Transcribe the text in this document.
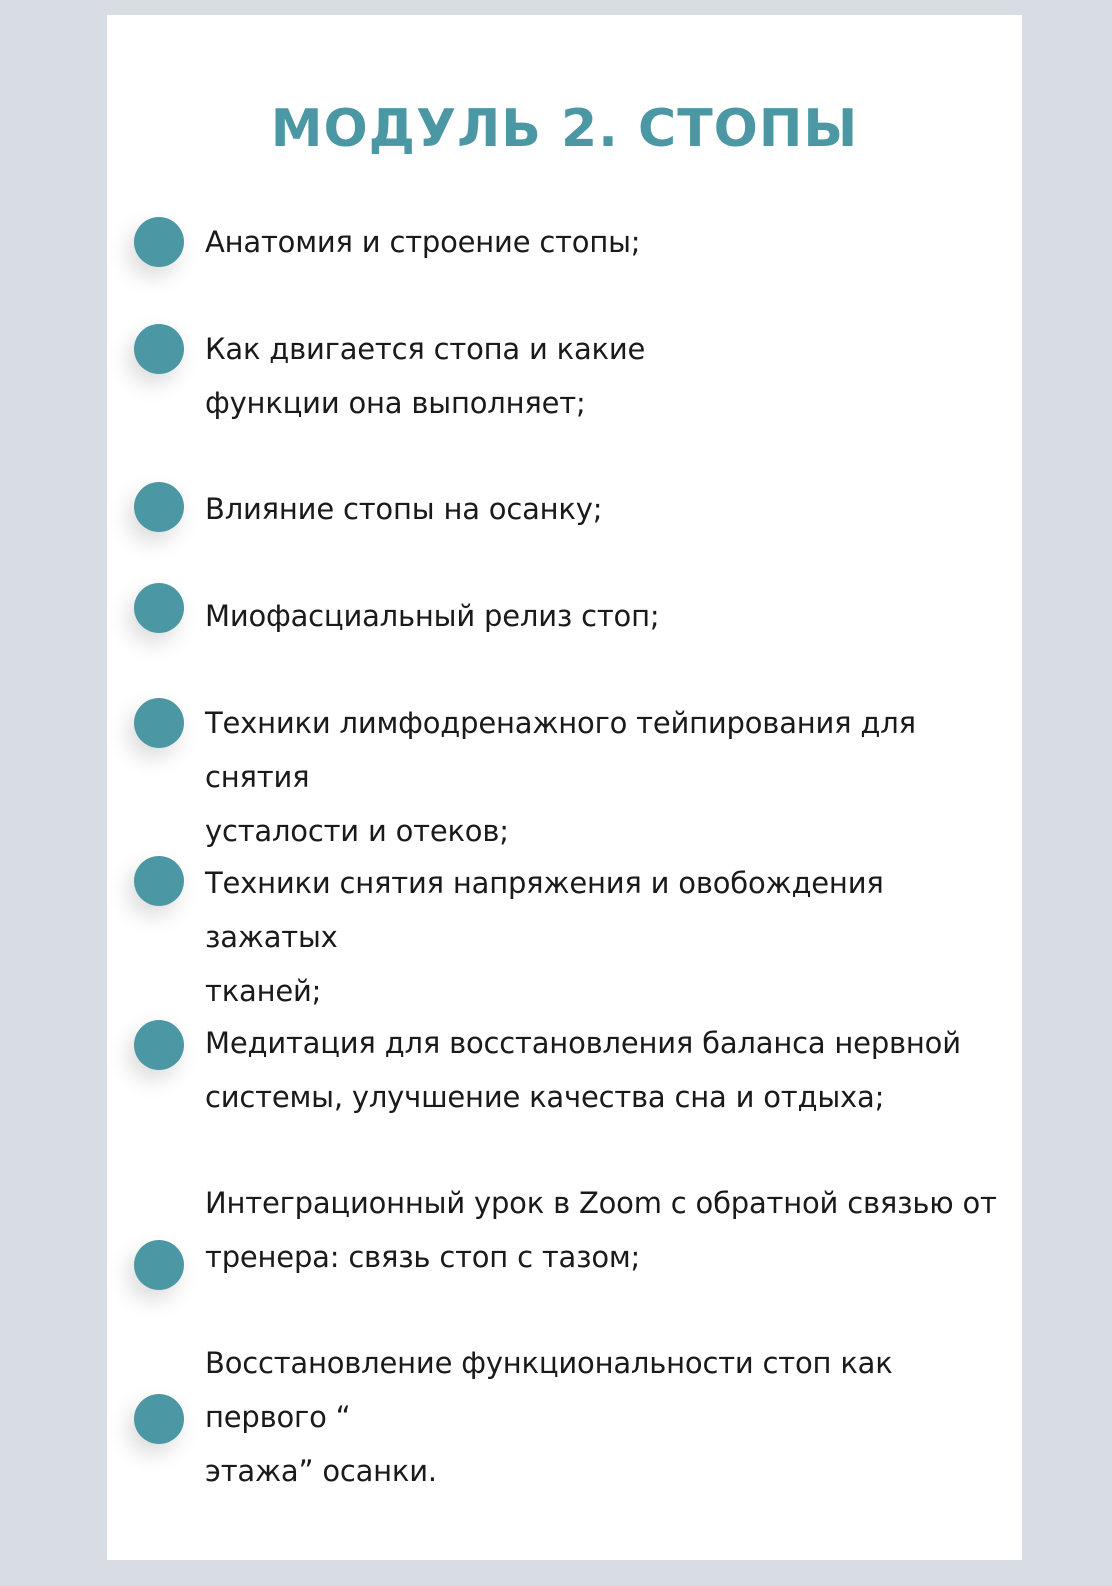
МОДУЛЬ 2. СТОПЫ

Анатомия и строение стопы;

Как двигается стопа и какие
функции она выполняет;

Влияние стопы на осанку;

Миофасциальный релиз стоп;

Техники лимфодренажного тейпирования для снятия
усталости и отеков;

Техники снятия напряжения и овобождения зажатых
тканей;

Медитация для восстановления баланса нервной
системы, улучшение качества сна и отдыха;

Интеграционный урок в Zoom с обратной связью от
тренера: связь стоп с тазом;

Восстановление функциональности стоп как первого “
этажа” осанки.
